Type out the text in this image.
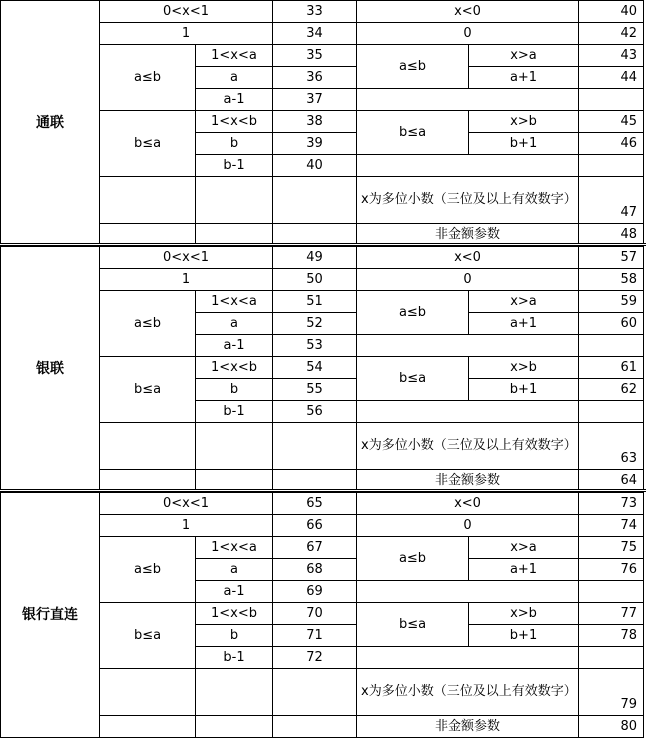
通联	0<x<1		33	x<0		40
	1		34	0		42
	a≤b	1<x<a	35	a≤b	x>a	43
		a	36		a+1	44
		a-1	37			
	b≤a	1<x<b	38	b≤a	x>b	45
		b	39		b+1	46
		b-1	40			
				x为多位小数（三位及以上有效数字）		47
				非金额参数		48
银联	0<x<1		49	x<0		57
	1		50	0		58
	a≤b	1<x<a	51	a≤b	x>a	59
		a	52		a+1	60
		a-1	53			
	b≤a	1<x<b	54	b≤a	x>b	61
		b	55		b+1	62
		b-1	56			
				x为多位小数（三位及以上有效数字）		63
				非金额参数		64
银行直连	0<x<1		65	x<0		73
	1		66	0		74
	a≤b	1<x<a	67	a≤b	x>a	75
		a	68		a+1	76
		a-1	69			
	b≤a	1<x<b	70	b≤a	x>b	77
		b	71		b+1	78
		b-1	72			
				x为多位小数（三位及以上有效数字）		79
				非金额参数		80
